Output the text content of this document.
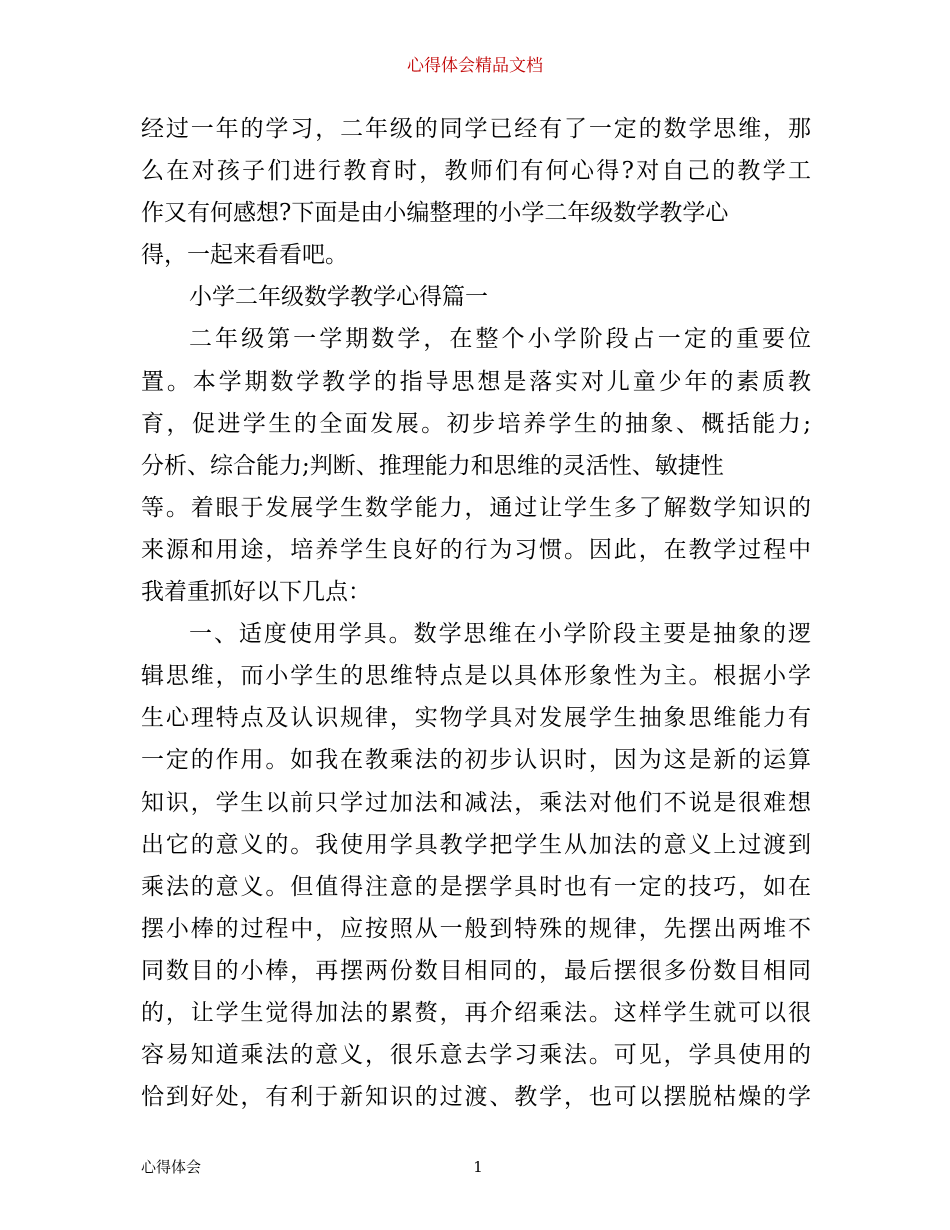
心得体会精品文档
经过一年的学习，二年级的同学已经有了一定的数学思维，那
么在对孩子们进行教育时，教师们有何心得?对自己的教学工
作又有何感想?下面是由小编整理的小学二年级数学教学心
得，一起来看看吧。
小学二年级数学教学心得篇一
二年级第一学期数学，在整个小学阶段占一定的重要位
置。本学期数学教学的指导思想是落实对儿童少年的素质教
育，促进学生的全面发展。初步培养学生的抽象、概括能力;
分析、综合能力;判断、推理能力和思维的灵活性、敏捷性
等。着眼于发展学生数学能力，通过让学生多了解数学知识的
来源和用途，培养学生良好的行为习惯。因此，在教学过程中
我着重抓好以下几点：
一、适度使用学具。数学思维在小学阶段主要是抽象的逻
辑思维，而小学生的思维特点是以具体形象性为主。根据小学
生心理特点及认识规律，实物学具对发展学生抽象思维能力有
一定的作用。如我在教乘法的初步认识时，因为这是新的运算
知识，学生以前只学过加法和减法，乘法对他们不说是很难想
出它的意义的。我使用学具教学把学生从加法的意义上过渡到
乘法的意义。但值得注意的是摆学具时也有一定的技巧，如在
摆小棒的过程中，应按照从一般到特殊的规律，先摆出两堆不
同数目的小棒，再摆两份数目相同的，最后摆很多份数目相同
的，让学生觉得加法的累赘，再介绍乘法。这样学生就可以很
容易知道乘法的意义，很乐意去学习乘法。可见，学具使用的
恰到好处，有利于新知识的过渡、教学，也可以摆脱枯燥的学
心得体会	1
